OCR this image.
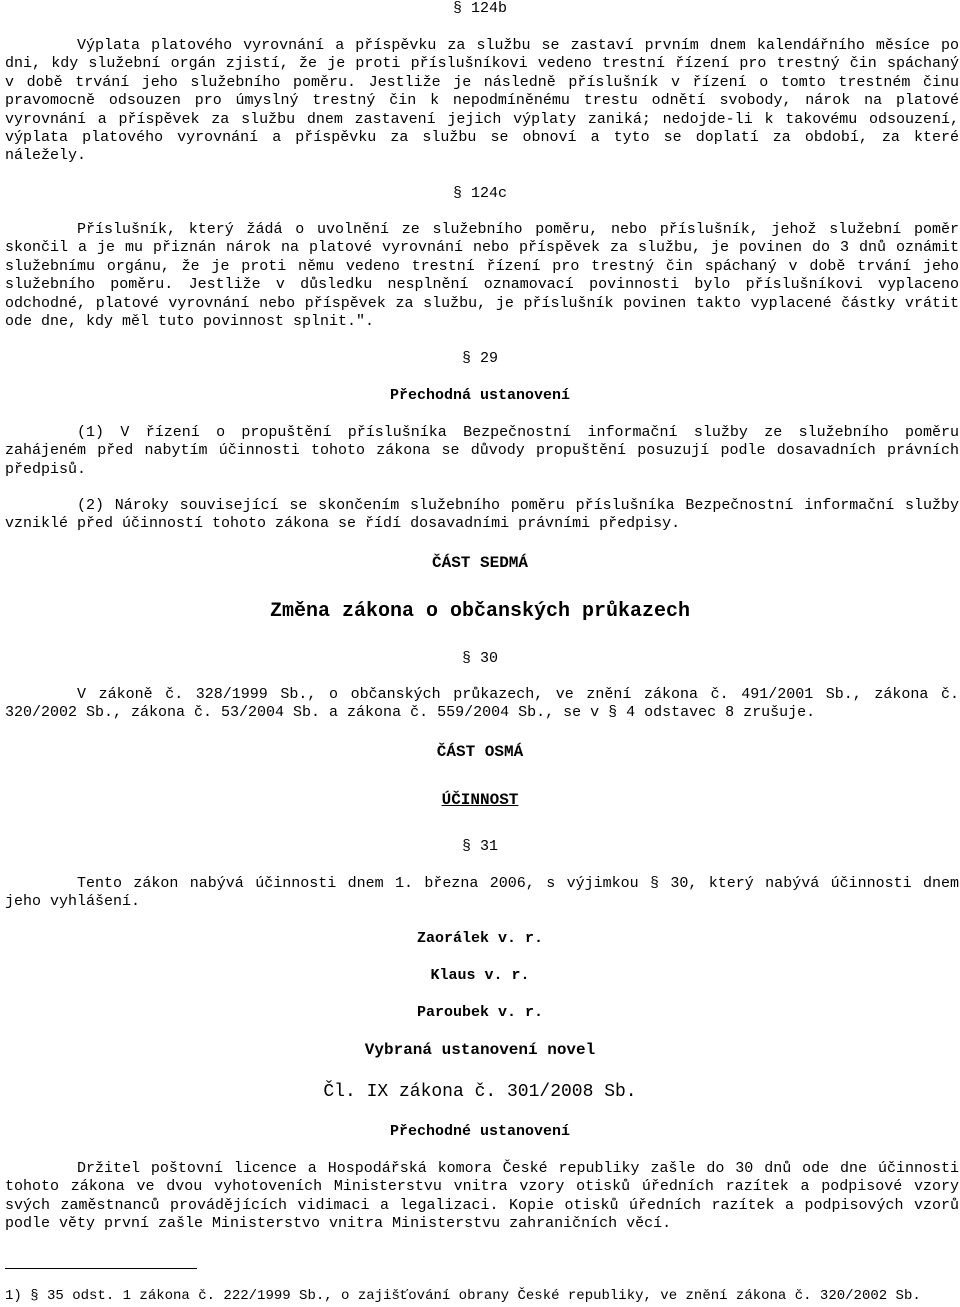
§ 124b
Výplata platového vyrovnání a příspěvku za službu se zastaví prvním dnem kalendářního měsíce po dni, kdy služební orgán zjistí, že je proti příslušníkovi vedeno trestní řízení pro trestný čin spáchaný v době trvání jeho služebního poměru. Jestliže je následně příslušník v řízení o tomto trestném činu pravomocně odsouzen pro úmyslný trestný čin k nepodmíněnému trestu odnětí svobody, nárok na platové vyrovnání a příspěvek za službu dnem zastavení jejich výplaty zaniká; nedojde-li k takovému odsouzení, výplata platového vyrovnání a příspěvku za službu se obnoví a tyto se doplatí za období, za které náležely.
§ 124c
Příslušník, který žádá o uvolnění ze služebního poměru, nebo příslušník, jehož služební poměr skončil a je mu přiznán nárok na platové vyrovnání nebo příspěvek za službu, je povinen do 3 dnů oznámit služebnímu orgánu, že je proti němu vedeno trestní řízení pro trestný čin spáchaný v době trvání jeho služebního poměru. Jestliže v důsledku nesplnění oznamovací povinnosti bylo příslušníkovi vyplaceno odchodné, platové vyrovnání nebo příspěvek za službu, je příslušník povinen takto vyplacené částky vrátit ode dne, kdy měl tuto povinnost splnit.".
§ 29
Přechodná ustanovení
(1) V řízení o propuštění příslušníka Bezpečnostní informační služby ze služebního poměru zahájeném před nabytím účinnosti tohoto zákona se důvody propuštění posuzují podle dosavadních právních předpisů.
(2) Nároky související se skončením služebního poměru příslušníka Bezpečnostní informační služby vzniklé před účinností tohoto zákona se řídí dosavadními právními předpisy.
ČÁST SEDMÁ
Změna zákona o občanských průkazech
§ 30
V zákoně č. 328/1999 Sb., o občanských průkazech, ve znění zákona č. 491/2001 Sb., zákona č. 320/2002 Sb., zákona č. 53/2004 Sb. a zákona č. 559/2004 Sb., se v § 4 odstavec 8 zrušuje.
ČÁST OSMÁ
ÚČINNOST
§ 31
Tento zákon nabývá účinnosti dnem 1. března 2006, s výjimkou § 30, který nabývá účinnosti dnem jeho vyhlášení.
Zaorálek v. r.
Klaus v. r.
Paroubek v. r.
Vybraná ustanovení novel
Čl. IX zákona č. 301/2008 Sb.
Přechodné ustanovení
Držitel poštovní licence a Hospodářská komora České republiky zašle do 30 dnů ode dne účinnosti tohoto zákona ve dvou vyhotoveních Ministerstvu vnitra vzory otisků úředních razítek a podpisové vzory svých zaměstnanců provádějících vidimaci a legalizaci. Kopie otisků úředních razítek a podpisových vzorů podle věty první zašle Ministerstvo vnitra Ministerstvu zahraničních věcí.
1) § 35 odst. 1 zákona č. 222/1999 Sb., o zajišťování obrany České republiky, ve znění zákona č. 320/2002 Sb.
